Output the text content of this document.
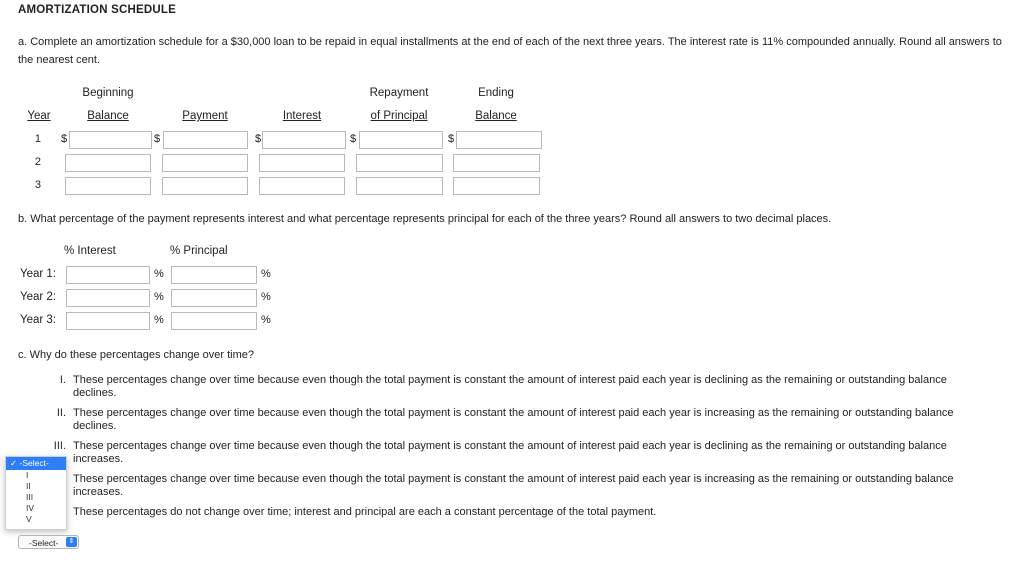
AMORTIZATION SCHEDULE
a. Complete an amortization schedule for a $30,000 loan to be repaid in equal installments at the end of each of the next three years. The interest rate is 11% compounded annually. Round all answers to the nearest cent.
Beginning	Repayment	Ending
Year	Balance	Payment	Interest	of Principal	Balance
1 $	$	$	$	$
2
3
b. What percentage of the payment represents interest and what percentage represents principal for each of the three years? Round all answers to two decimal places.
% Interest	% Principal
Year 1:	%	%
Year 2:	%	%
Year 3:	%	%
c. Why do these percentages change over time?
I. These percentages change over time because even though the total payment is constant the amount of interest paid each year is declining as the remaining or outstanding balance declines.
II. These percentages change over time because even though the total payment is constant the amount of interest paid each year is increasing as the remaining or outstanding balance declines.
III. These percentages change over time because even though the total payment is constant the amount of interest paid each year is declining as the remaining or outstanding balance increases.
These percentages change over time because even though the total payment is constant the amount of interest paid each year is increasing as the remaining or outstanding balance increases.
These percentages do not change over time; interest and principal are each a constant percentage of the total payment.
✓ -Select-
I
II
III
IV
V
-Select-	⇕
